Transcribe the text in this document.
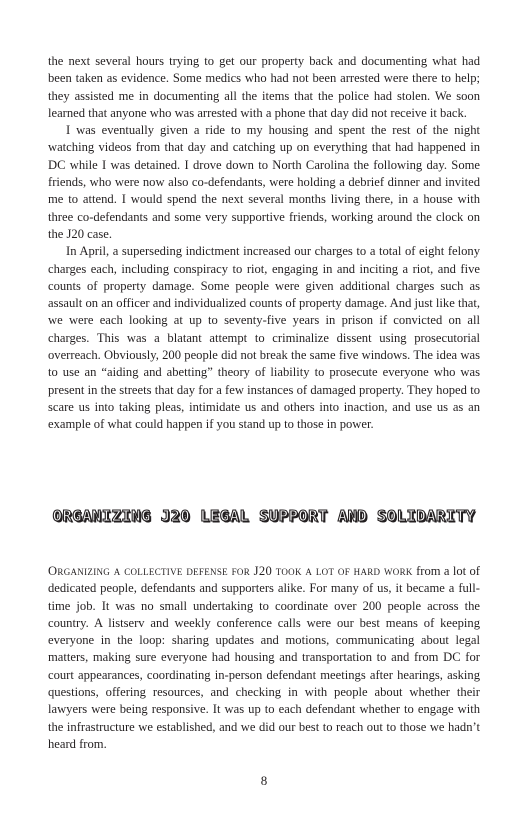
the next several hours trying to get our property back and documenting what had been taken as evidence. Some medics who had not been arrested were there to help; they assisted me in documenting all the items that the police had stolen. We soon learned that anyone who was arrested with a phone that day did not receive it back.

I was eventually given a ride to my housing and spent the rest of the night watching videos from that day and catching up on everything that had happened in DC while I was detained. I drove down to North Carolina the following day. Some friends, who were now also co-defendants, were holding a debrief dinner and invited me to attend. I would spend the next several months living there, in a house with three co-defendants and some very supportive friends, working around the clock on the J20 case.

In April, a superseding indictment increased our charges to a total of eight felony charges each, including conspiracy to riot, engaging in and inciting a riot, and five counts of property damage. Some people were given additional charges such as assault on an officer and individualized counts of property damage. And just like that, we were each looking at up to seventy-five years in prison if convicted on all charges. This was a blatant attempt to criminalize dissent using prosecutorial overreach. Obviously, 200 people did not break the same five windows. The idea was to use an “aiding and abetting” theory of liability to prosecute everyone who was present in the streets that day for a few instances of damaged property. They hoped to scare us into taking pleas, intimidate us and others into inaction, and use us as an example of what could happen if you stand up to those in power.

ORGANIZING J20 LEGAL SUPPORT AND SOLIDARITY

Organizing a collective defense for J20 took a lot of hard work from a lot of dedicated people, defendants and supporters alike. For many of us, it became a full-time job. It was no small undertaking to coordinate over 200 people across the country. A listserv and weekly conference calls were our best means of keeping everyone in the loop: sharing updates and motions, communicating about legal matters, making sure everyone had housing and transportation to and from DC for court appearances, coordinating in-person defendant meetings after hearings, asking questions, offering resources, and checking in with people about whether their lawyers were being responsive. It was up to each defendant whether to engage with the infrastructure we established, and we did our best to reach out to those we hadn’t heard from.

8
